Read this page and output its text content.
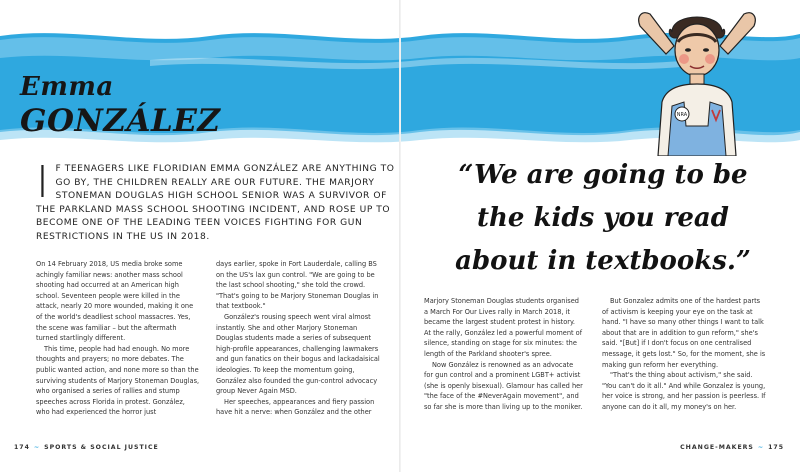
Emma
GONZÁLEZ	NRA
I F TEENAGERS LIKE FLORIDIAN EMMA GONZÁLEZ ARE ANYTHING TO GO BY, THE CHILDREN REALLY ARE OUR FUTURE. THE MARJORY STONEMAN DOUGLAS HIGH SCHOOL SENIOR WAS A SURVIVOR OF THE PARKLAND MASS SCHOOL SHOOTING INCIDENT, AND ROSE UP TO BECOME ONE OF THE LEADING TEEN VOICES FIGHTING FOR GUN RESTRICTIONS IN THE US IN 2018.

On 14 February 2018, US media broke some achingly familiar news: another mass school shooting had occurred at an American high school. Seventeen people were killed in the attack, nearly 20 more wounded, making it one of the world's deadliest school massacres. Yes, the scene was familiar – but the aftermath turned startlingly different.

This time, people had had enough. No more thoughts and prayers; no more debates. The public wanted action, and none more so than the surviving students of Marjory Stoneman Douglas, who organised a series of rallies and stump speeches across Florida in protest. González, who had experienced the horror just

days earlier, spoke in Fort Lauderdale, calling BS on the US's lax gun control. "We are going to be the last school shooting," she told the crowd. "That's going to be Marjory Stoneman Douglas in that textbook."

González's rousing speech went viral almost instantly. She and other Marjory Stoneman Douglas students made a series of subsequent high-profile appearances, challenging lawmakers and gun fanatics on their bogus and lackadaisical ideologies. To keep the momentum going, González also founded the gun-control advocacy group Never Again MSD.

Her speeches, appearances and fiery passion have hit a nerve: when González and the other

“We are going to be the kids you read about in textbooks.”

Marjory Stoneman Douglas students organised a March For Our Lives rally in March 2018, it became the largest student protest in history. At the rally, González led a powerful moment of silence, standing on stage for six minutes: the length of the Parkland shooter's spree.

Now González is renowned as an advocate for gun control and a prominent LGBT+ activist (she is openly bisexual). Glamour has called her "the face of the #NeverAgain movement", and so far she is more than living up to the moniker.

But Gonzalez admits one of the hardest parts of activism is keeping your eye on the task at hand. "I have so many other things I want to talk about that are in addition to gun reform," she's said. "[But] if I don't focus on one centralised message, it gets lost." So, for the moment, she is making gun reform her everything.

"That's the thing about activism," she said. "You can't do it all." And while Gonzalez is young, her voice is strong, and her passion is peerless. If anyone can do it all, my money's on her.

174 ~ SPORTS & SOCIAL JUSTICE	CHANGE-MAKERS ~ 175
